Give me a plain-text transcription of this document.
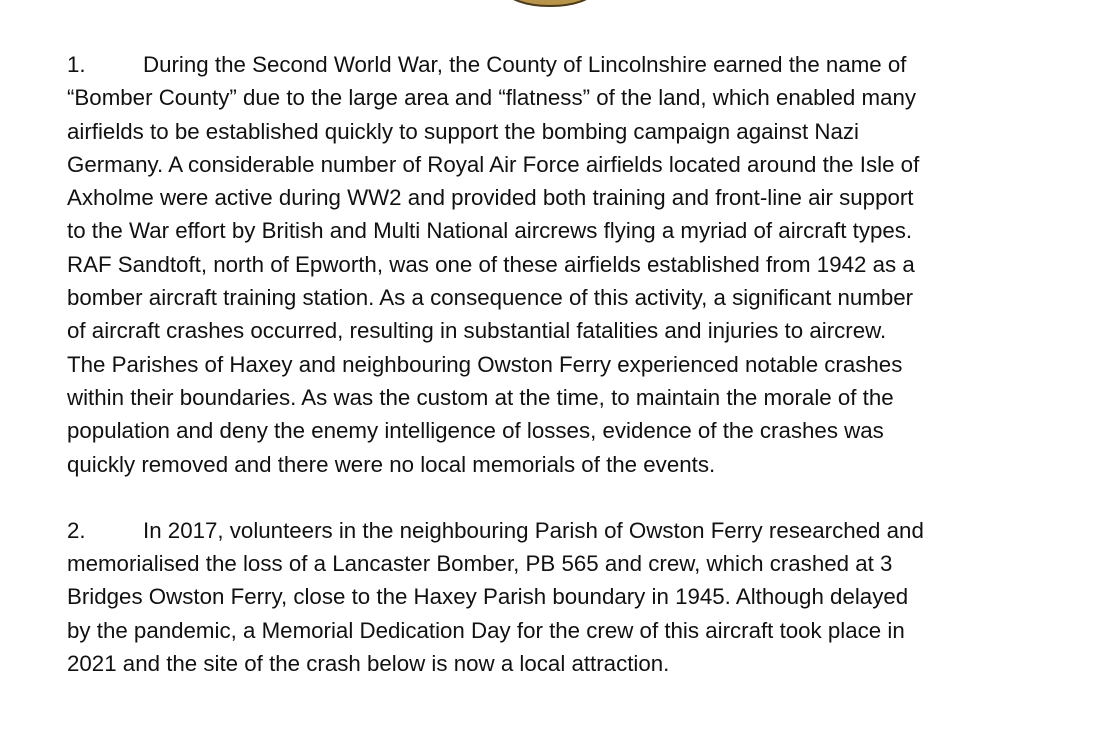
1.	During the Second World War, the County of Lincolnshire earned the name of
“Bomber County” due to the large area and “flatness” of the land, which enabled many
airfields to be established quickly to support the bombing campaign against Nazi
Germany. A considerable number of Royal Air Force airfields located around the Isle of
Axholme were active during WW2 and provided both training and front-line air support
to the War effort by British and Multi National aircrews flying a myriad of aircraft types.
RAF Sandtoft, north of Epworth, was one of these airfields established from 1942 as a
bomber aircraft training station. As a consequence of this activity, a significant number
of aircraft crashes occurred, resulting in substantial fatalities and injuries to aircrew.
The Parishes of Haxey and neighbouring Owston Ferry experienced notable crashes
within their boundaries. As was the custom at the time, to maintain the morale of the
population and deny the enemy intelligence of losses, evidence of the crashes was
quickly removed and there were no local memorials of the events.

2.	In 2017, volunteers in the neighbouring Parish of Owston Ferry researched and
memorialised the loss of a Lancaster Bomber, PB 565 and crew, which crashed at 3
Bridges Owston Ferry, close to the Haxey Parish boundary in 1945. Although delayed
by the pandemic, a Memorial Dedication Day for the crew of this aircraft took place in
2021 and the site of the crash below is now a local attraction.
